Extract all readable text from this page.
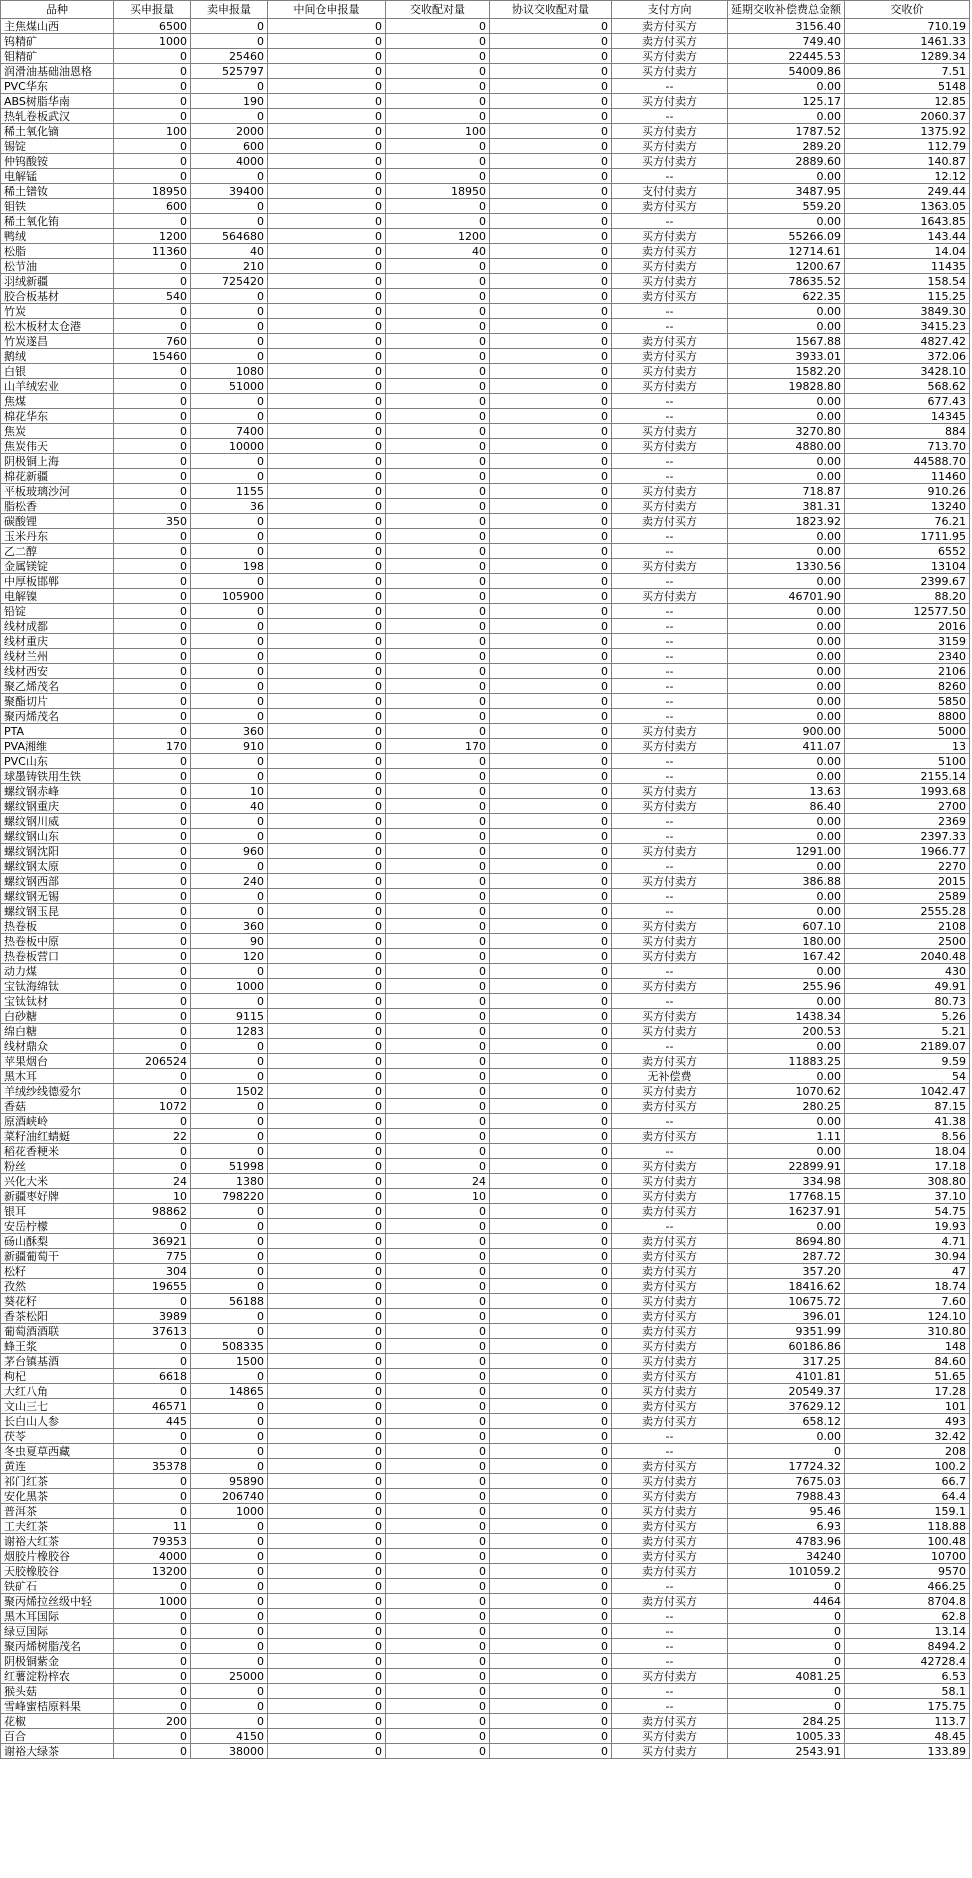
品种	买申报量	卖申报量	中间仓申报量	交收配对量	协议交收配对量	支付方向	延期交收补偿费总金额	交收价
主焦煤山西	6500	0	0	0	0	卖方付买方	3156.40	710.19
钨精矿	1000	0	0	0	0	卖方付买方	749.40	1461.33
钼精矿	0	25460	0	0	0	买方付卖方	22445.53	1289.34
润滑油基础油恩格	0	525797	0	0	0	买方付卖方	54009.86	7.51
PVC华东	0	0	0	0	0	--	0.00	5148
ABS树脂华南	0	190	0	0	0	买方付卖方	125.17	12.85
热轧卷板武汉	0	0	0	0	0	--	0.00	2060.37
稀土氧化镝	100	2000	0	100	0	买方付卖方	1787.52	1375.92
锡锭	0	600	0	0	0	买方付卖方	289.20	112.79
仲钨酸铵	0	4000	0	0	0	买方付卖方	2889.60	140.87
电解锰	0	0	0	0	0	--	0.00	12.12
稀土镨钕	18950	39400	0	18950	0	支付付卖方	3487.95	249.44
钼铁	600	0	0	0	0	卖方付买方	559.20	1363.05
稀土氧化铕	0	0	0	0	0	--	0.00	1643.85
鸭绒	1200	564680	0	1200	0	买方付卖方	55266.09	143.44
松脂	11360	40	0	40	0	卖方付买方	12714.61	14.04
松节油	0	210	0	0	0	买方付卖方	1200.67	11435
羽绒新疆	0	725420	0	0	0	买方付卖方	78635.52	158.54
胶合板基材	540	0	0	0	0	卖方付买方	622.35	115.25
竹炭	0	0	0	0	0	--	0.00	3849.30
松木板材太仓港	0	0	0	0	0	--	0.00	3415.23
竹炭遂昌	760	0	0	0	0	卖方付买方	1567.88	4827.42
鹅绒	15460	0	0	0	0	卖方付买方	3933.01	372.06
白银	0	1080	0	0	0	买方付卖方	1582.20	3428.10
山羊绒宏业	0	51000	0	0	0	买方付卖方	19828.80	568.62
焦煤	0	0	0	0	0	--	0.00	677.43
棉花华东	0	0	0	0	0	--	0.00	14345
焦炭	0	7400	0	0	0	买方付卖方	3270.80	884
焦炭伟天	0	10000	0	0	0	买方付卖方	4880.00	713.70
阴极铜上海	0	0	0	0	0	--	0.00	44588.70
棉花新疆	0	0	0	0	0	--	0.00	11460
平板玻璃沙河	0	1155	0	0	0	买方付卖方	718.87	910.26
脂松香	0	36	0	0	0	买方付卖方	381.31	13240
碳酸锂	350	0	0	0	0	卖方付买方	1823.92	76.21
玉米丹东	0	0	0	0	0	--	0.00	1711.95
乙二醇	0	0	0	0	0	--	0.00	6552
金属镁锭	0	198	0	0	0	买方付卖方	1330.56	13104
中厚板邯郸	0	0	0	0	0	--	0.00	2399.67
电解镍	0	105900	0	0	0	买方付卖方	46701.90	88.20
铅锭	0	0	0	0	0	--	0.00	12577.50
线材成都	0	0	0	0	0	--	0.00	2016
线材重庆	0	0	0	0	0	--	0.00	3159
线材兰州	0	0	0	0	0	--	0.00	2340
线材西安	0	0	0	0	0	--	0.00	2106
聚乙烯茂名	0	0	0	0	0	--	0.00	8260
聚酯切片	0	0	0	0	0	--	0.00	5850
聚丙烯茂名	0	0	0	0	0	--	0.00	8800
PTA	0	360	0	0	0	买方付卖方	900.00	5000
PVA湘维	170	910	0	170	0	买方付卖方	411.07	13
PVC山东	0	0	0	0	0	--	0.00	5100
球墨铸铁用生铁	0	0	0	0	0	--	0.00	2155.14
螺纹钢赤峰	0	10	0	0	0	买方付卖方	13.63	1993.68
螺纹钢重庆	0	40	0	0	0	买方付卖方	86.40	2700
螺纹钢川威	0	0	0	0	0	--	0.00	2369
螺纹钢山东	0	0	0	0	0	--	0.00	2397.33
螺纹钢沈阳	0	960	0	0	0	买方付卖方	1291.00	1966.77
螺纹钢太原	0	0	0	0	0	--	0.00	2270
螺纹钢西部	0	240	0	0	0	买方付卖方	386.88	2015
螺纹钢无锡	0	0	0	0	0	--	0.00	2589
螺纹钢玉昆	0	0	0	0	0	--	0.00	2555.28
热卷板	0	360	0	0	0	买方付卖方	607.10	2108
热卷板中原	0	90	0	0	0	买方付卖方	180.00	2500
热卷板营口	0	120	0	0	0	买方付卖方	167.42	2040.48
动力煤	0	0	0	0	0	--	0.00	430
宝钛海绵钛	0	1000	0	0	0	买方付卖方	255.96	49.91
宝钛钛材	0	0	0	0	0	--	0.00	80.73
白砂糖	0	9115	0	0	0	买方付卖方	1438.34	5.26
绵白糖	0	1283	0	0	0	买方付卖方	200.53	5.21
线材鼎众	0	0	0	0	0	--	0.00	2189.07
苹果烟台	206524	0	0	0	0	卖方付买方	11883.25	9.59
黑木耳	0	0	0	0	0	无补偿费	0.00	54
羊绒纱线德爱尔	0	1502	0	0	0	买方付卖方	1070.62	1042.47
香菇	1072	0	0	0	0	卖方付买方	280.25	87.15
原酒峡岭	0	0	0	0	0	--	0.00	41.38
菜籽油红蜻蜓	22	0	0	0	0	卖方付买方	1.11	8.56
稻花香粳米	0	0	0	0	0	--	0.00	18.04
粉丝	0	51998	0	0	0	买方付卖方	22899.91	17.18
兴化大米	24	1380	0	24	0	买方付卖方	334.98	308.80
新疆枣好牌	10	798220	0	10	0	买方付卖方	17768.15	37.10
银耳	98862	0	0	0	0	卖方付买方	16237.91	54.75
安岳柠檬	0	0	0	0	0	--	0.00	19.93
砀山酥梨	36921	0	0	0	0	卖方付买方	8694.80	4.71
新疆葡萄干	775	0	0	0	0	卖方付买方	287.72	30.94
松籽	304	0	0	0	0	卖方付买方	357.20	47
孜然	19655	0	0	0	0	卖方付买方	18416.62	18.74
葵花籽	0	56188	0	0	0	买方付卖方	10675.72	7.60
香茶松阳	3989	0	0	0	0	卖方付买方	396.01	124.10
葡萄酒酒联	37613	0	0	0	0	卖方付买方	9351.99	310.80
蜂王浆	0	508335	0	0	0	买方付卖方	60186.86	148
茅台镇基酒	0	1500	0	0	0	买方付卖方	317.25	84.60
枸杞	6618	0	0	0	0	卖方付买方	4101.81	51.65
大红八角	0	14865	0	0	0	买方付卖方	20549.37	17.28
文山三七	46571	0	0	0	0	卖方付买方	37629.12	101
长白山人参	445	0	0	0	0	卖方付买方	658.12	493
茯苓	0	0	0	0	0	--	0.00	32.42
冬虫夏草西藏	0	0	0	0	0	--	0	208
黄连	35378	0	0	0	0	卖方付买方	17724.32	100.2
祁门红茶	0	95890	0	0	0	买方付卖方	7675.03	66.7
安化黑茶	0	206740	0	0	0	买方付卖方	7988.43	64.4
普洱茶	0	1000	0	0	0	买方付卖方	95.46	159.1
工夫红茶	11	0	0	0	0	卖方付买方	6.93	118.88
谢裕大红茶	79353	0	0	0	0	卖方付买方	4783.96	100.48
烟胶片橡胶谷	4000	0	0	0	0	卖方付买方	34240	10700
天胶橡胶谷	13200	0	0	0	0	卖方付买方	101059.2	9570
铁矿石	0	0	0	0	0	--	0	466.25
聚丙烯拉丝级中轻	1000	0	0	0	0	卖方付买方	4464	8704.8
黑木耳国际	0	0	0	0	0	--	0	62.8
绿豆国际	0	0	0	0	0	--	0	13.14
聚丙烯树脂茂名	0	0	0	0	0	--	0	8494.2
阴极铜紫金	0	0	0	0	0	--	0	42728.4
红薯淀粉梓农	0	25000	0	0	0	买方付卖方	4081.25	6.53
猴头菇	0	0	0	0	0	--	0	58.1
雪峰蜜桔原料果	0	0	0	0	0	--	0	175.75
花椒	200	0	0	0	0	卖方付买方	284.25	113.7
百合	0	4150	0	0	0	买方付卖方	1005.33	48.45
谢裕大绿茶	0	38000	0	0	0	买方付卖方	2543.91	133.89
